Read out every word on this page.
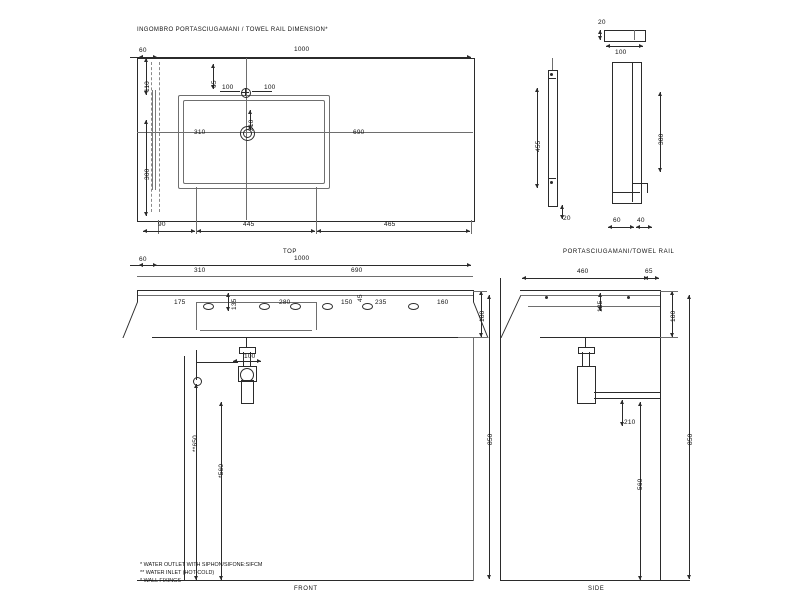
INGOMBRO PORTASCIUGAMANI / TOWEL RAIL DIMENSION*
1000
60
110
300
65 100	100
210
310	690
90	445	465
TOP
20
100
455
20
380
60	40
PORTASCIUGAMANI/TOWEL RAIL
1000
60
310	690
175	280	150	235	160
45
135
180
100
850
**650
*560
FRONT
460	65
135
180
210
850
560
SIDE
* WATER OUTLET WITH SIPHON/SIFONE:SIFCM
** WATER INLET (HOT-COLD)
* WALL FIXINGS
